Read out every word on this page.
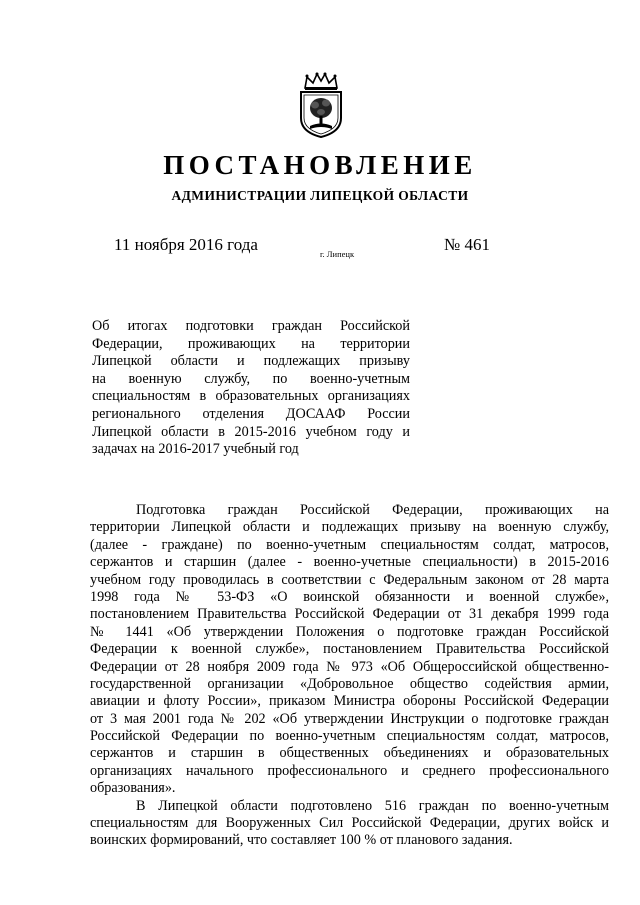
ПОСТАНОВЛЕНИЕ
АДМИНИСТРАЦИИ ЛИПЕЦКОЙ ОБЛАСТИ
11 ноября 2016 года	г. Липецк	№ 461
Об итогах подготовки граждан Российской
Федерации, проживающих на территории
Липецкой области и подлежащих призыву
на военную службу, по военно-учетным
специальностям в образовательных организациях
регионального отделения ДОСААФ России
Липецкой области в 2015-2016 учебном году и
задачах на 2016-2017 учебный год
Подготовка граждан Российской Федерации, проживающих на
территории Липецкой области и подлежащих призыву на военную службу,
(далее - граждане) по военно-учетным специальностям солдат, матросов,
сержантов и старшин (далее - военно-учетные специальности) в 2015-2016
учебном году проводилась в соответствии с Федеральным законом от 28 марта
1998 года № 53-ФЗ «О воинской обязанности и военной службе»,
постановлением Правительства Российской Федерации от 31 декабря 1999 года
№ 1441 «Об утверждении Положения о подготовке граждан Российской
Федерации к военной службе», постановлением Правительства Российской
Федерации от 28 ноября 2009 года № 973 «Об Общероссийской общественно-
государственной организации «Добровольное общество содействия армии,
авиации и флоту России», приказом Министра обороны Российской Федерации
от 3 мая 2001 года № 202 «Об утверждении Инструкции о подготовке граждан
Российской Федерации по военно-учетным специальностям солдат, матросов,
сержантов и старшин в общественных объединениях и образовательных
организациях начального профессионального и среднего профессионального
образования».
В Липецкой области подготовлено 516 граждан по военно-учетным
специальностям для Вооруженных Сил Российской Федерации, других войск и
воинских формирований, что составляет 100 % от планового задания.
